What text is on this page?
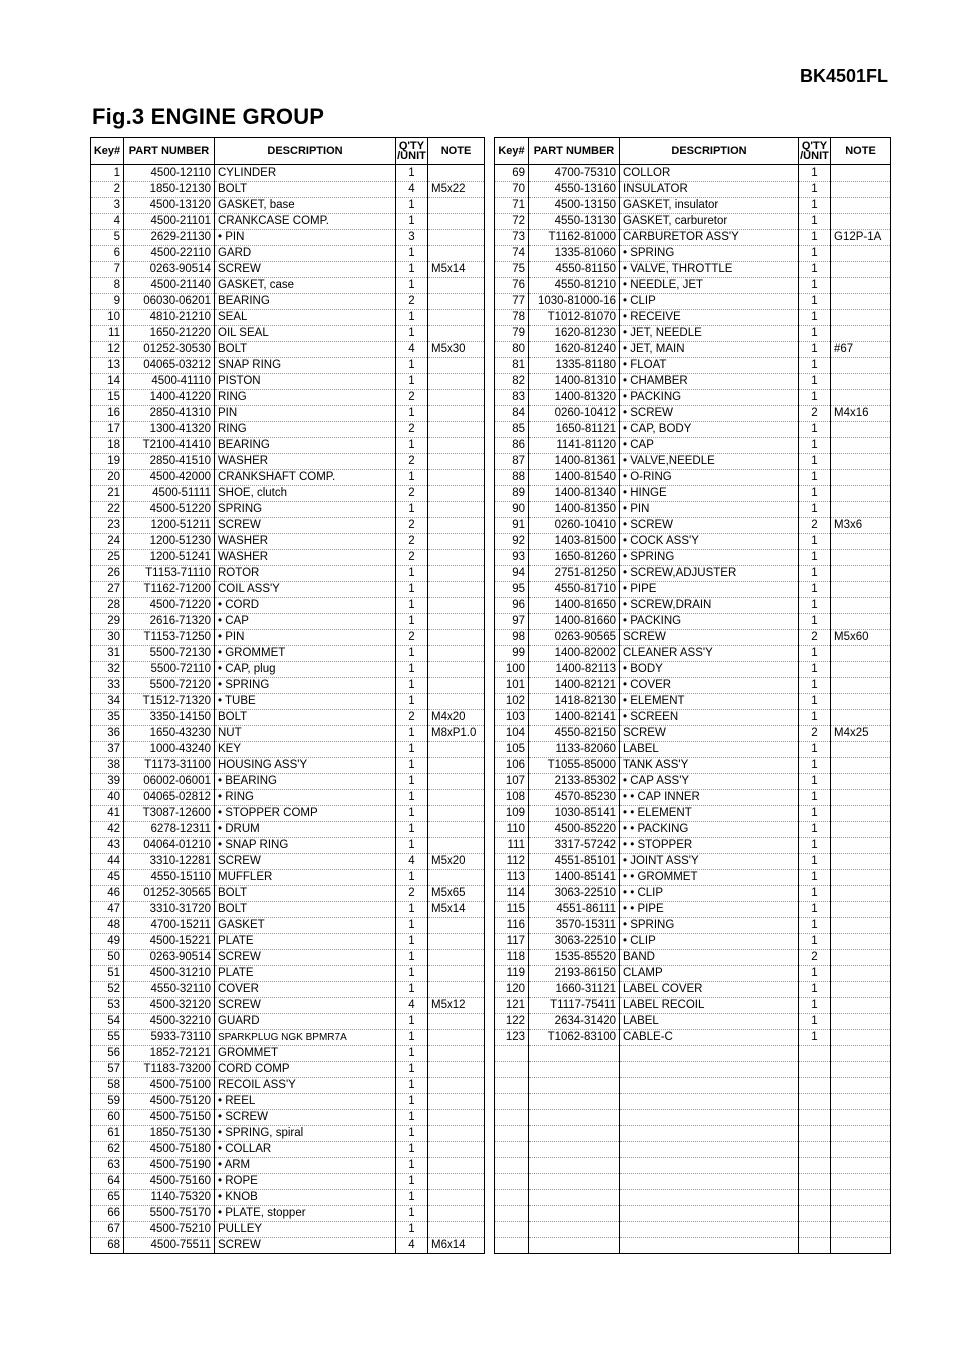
BK4501FL
Fig.3 ENGINE GROUP
Key#	PART NUMBER	DESCRIPTION	Q'TY /UNIT	NOTE
1	4500-12110	CYLINDER	1	
2	1850-12130	BOLT	4	M5x22
3	4500-13120	GASKET, base	1	
4	4500-21101	CRANKCASE COMP.	1	
5	2629-21130	• PIN	3	
6	4500-22110	GARD	1	
7	0263-90514	SCREW	1	M5x14
8	4500-21140	GASKET, case	1	
9	06030-06201	BEARING	2	
10	4810-21210	SEAL	1	
11	1650-21220	OIL SEAL	1	
12	01252-30530	BOLT	4	M5x30
13	04065-03212	SNAP RING	1	
14	4500-41110	PISTON	1	
15	1400-41220	RING	2	
16	2850-41310	PIN	1	
17	1300-41320	RING	2	
18	T2100-41410	BEARING	1	
19	2850-41510	WASHER	2	
20	4500-42000	CRANKSHAFT COMP.	1	
21	4500-51111	SHOE, clutch	2	
22	4500-51220	SPRING	1	
23	1200-51211	SCREW	2	
24	1200-51230	WASHER	2	
25	1200-51241	WASHER	2	
26	T1153-71110	ROTOR	1	
27	T1162-71200	COIL ASS'Y	1	
28	4500-71220	• CORD	1	
29	2616-71320	• CAP	1	
30	T1153-71250	• PIN	2	
31	5500-72130	• GROMMET	1	
32	5500-72110	• CAP, plug	1	
33	5500-72120	• SPRING	1	
34	T1512-71320	• TUBE	1	
35	3350-14150	BOLT	2	M4x20
36	1650-43230	NUT	1	M8xP1.0
37	1000-43240	KEY	1	
38	T1173-31100	HOUSING ASS'Y	1	
39	06002-06001	• BEARING	1	
40	04065-02812	• RING	1	
41	T3087-12600	• STOPPER COMP	1	
42	6278-12311	• DRUM	1	
43	04064-01210	• SNAP RING	1	
44	3310-12281	SCREW	4	M5x20
45	4550-15110	MUFFLER	1	
46	01252-30565	BOLT	2	M5x65
47	3310-31720	BOLT	1	M5x14
48	4700-15211	GASKET	1	
49	4500-15221	PLATE	1	
50	0263-90514	SCREW	1	
51	4500-31210	PLATE	1	
52	4550-32110	COVER	1	
53	4500-32120	SCREW	4	M5x12
54	4500-32210	GUARD	1	
55	5933-73110	SPARKPLUG NGK BPMR7A	1	
56	1852-72121	GROMMET	1	
57	T1183-73200	CORD COMP	1	
58	4500-75100	RECOIL ASS'Y	1	
59	4500-75120	• REEL	1	
60	4500-75150	• SCREW	1	
61	1850-75130	• SPRING, spiral	1	
62	4500-75180	• COLLAR	1	
63	4500-75190	• ARM	1	
64	4500-75160	• ROPE	1	
65	1140-75320	• KNOB	1	
66	5500-75170	• PLATE, stopper	1	
67	4500-75210	PULLEY	1	
68	4500-75511	SCREW	4	M6x14
Key#	PART NUMBER	DESCRIPTION	Q'TY /UNIT	NOTE
69	4700-75310	COLLOR	1	
70	4550-13160	INSULATOR	1	
71	4500-13150	GASKET, insulator	1	
72	4550-13130	GASKET, carburetor	1	
73	T1162-81000	CARBURETOR ASS'Y	1	G12P-1A
74	1335-81060	• SPRING	1	
75	4550-81150	• VALVE, THROTTLE	1	
76	4550-81210	• NEEDLE, JET	1	
77	1030-81000-16	• CLIP	1	
78	T1012-81070	• RECEIVE	1	
79	1620-81230	• JET, NEEDLE	1	
80	1620-81240	• JET, MAIN	1	#67
81	1335-81180	• FLOAT	1	
82	1400-81310	• CHAMBER	1	
83	1400-81320	• PACKING	1	
84	0260-10412	• SCREW	2	M4x16
85	1650-81121	• CAP, BODY	1	
86	1141-81120	• CAP	1	
87	1400-81361	• VALVE,NEEDLE	1	
88	1400-81540	• O-RING	1	
89	1400-81340	• HINGE	1	
90	1400-81350	• PIN	1	
91	0260-10410	• SCREW	2	M3x6
92	1403-81500	• COCK ASS'Y	1	
93	1650-81260	• SPRING	1	
94	2751-81250	• SCREW,ADJUSTER	1	
95	4550-81710	• PIPE	1	
96	1400-81650	• SCREW,DRAIN	1	
97	1400-81660	• PACKING	1	
98	0263-90565	SCREW	2	M5x60
99	1400-82002	CLEANER ASS'Y	1	
100	1400-82113	• BODY	1	
101	1400-82121	• COVER	1	
102	1418-82130	• ELEMENT	1	
103	1400-82141	• SCREEN	1	
104	4550-82150	SCREW	2	M4x25
105	1133-82060	LABEL	1	
106	T1055-85000	TANK ASS'Y	1	
107	2133-85302	• CAP ASS'Y	1	
108	4570-85230	• • CAP INNER	1	
109	1030-85141	• • ELEMENT	1	
110	4500-85220	• • PACKING	1	
111	3317-57242	• • STOPPER	1	
112	4551-85101	• JOINT ASS'Y	1	
113	1400-85141	• • GROMMET	1	
114	3063-22510	• • CLIP	1	
115	4551-86111	• • PIPE	1	
116	3570-15311	• SPRING	1	
117	3063-22510	• CLIP	1	
118	1535-85520	BAND	2	
119	2193-86150	CLAMP	1	
120	1660-31121	LABEL COVER	1	
121	T1117-75411	LABEL RECOIL	1	
122	2634-31420	LABEL	1	
123	T1062-83100	CABLE-C	1	
